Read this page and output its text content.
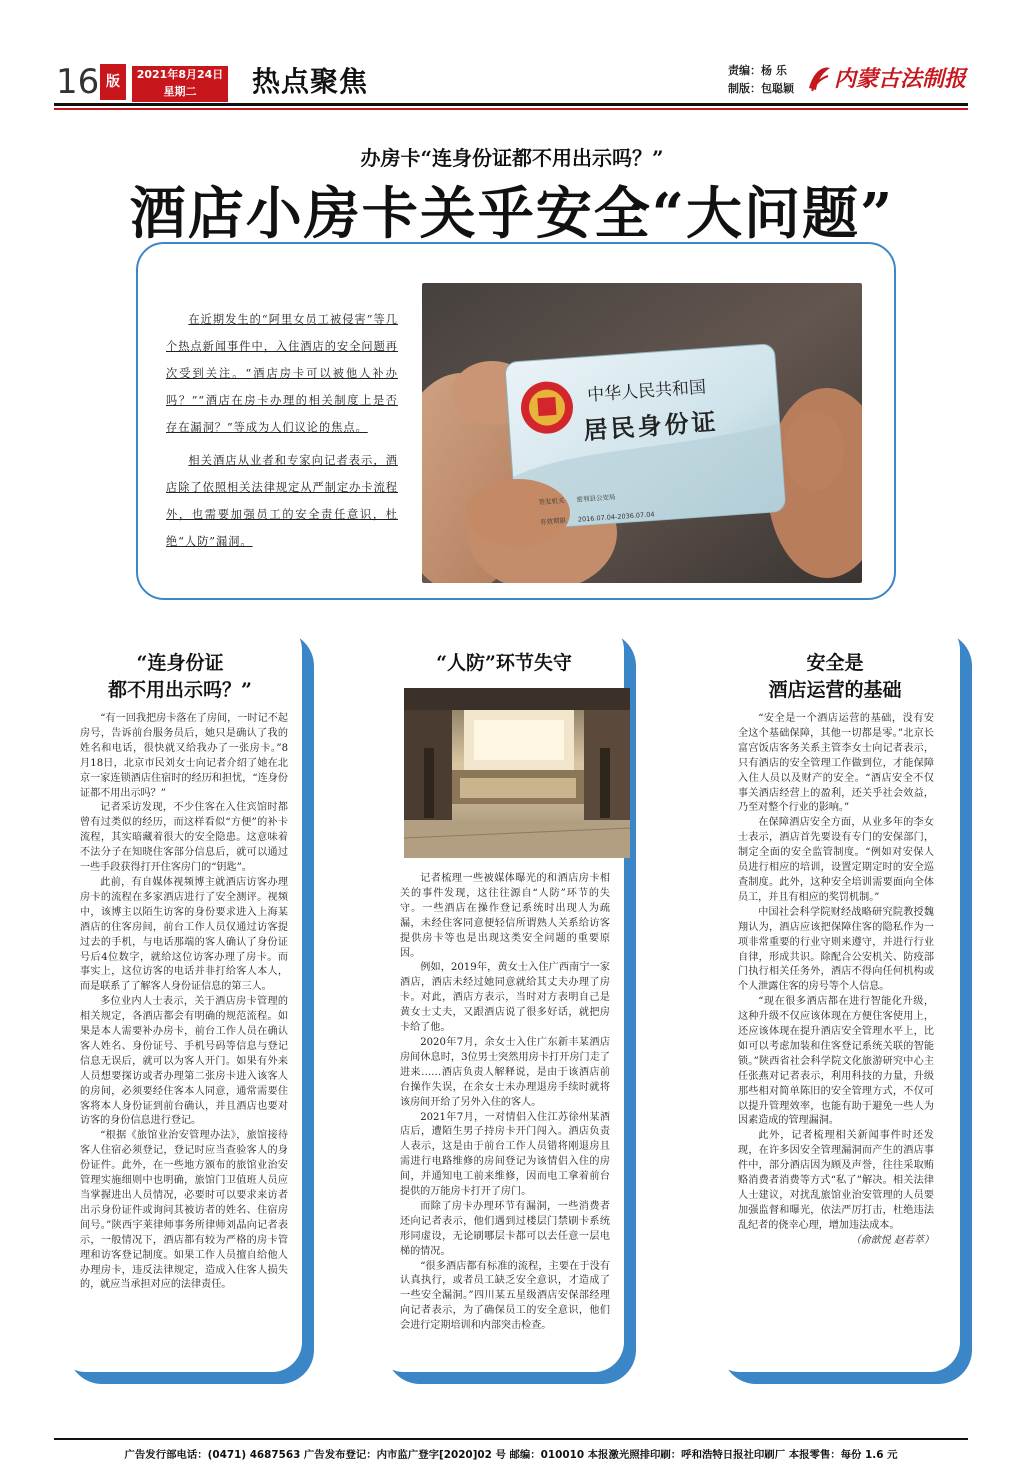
16 版	2021年8月24日
星期二	热点聚焦	责编：杨 乐
制版：包聪颖 内蒙古法制报
办房卡“连身份证都不用出示吗？”
酒店小房卡关乎安全“大问题”

在近期发生的“阿里女员工被侵害”等几个热点新闻事件中，入住酒店的安全问题再次受到关注。“酒店房卡可以被他人补办吗？”“酒店在房卡办理的相关制度上是否存在漏洞？”等成为人们议论的焦点。

相关酒店从业者和专家向记者表示，酒店除了依照相关法律规定从严制定办卡流程外，也需要加强员工的安全责任意识，杜绝“人防”漏洞。

中华人民共和国
居民身份证
签发机关 密利县公安局
有效期限 2016.07.04-2036.07.04
“连身份证
都不用出示吗？”

“有一回我把房卡落在了房间，一时记不起房号，告诉前台服务员后，她只是确认了我的姓名和电话，很快就又给我办了一张房卡。”8月18日，北京市民刘女士向记者介绍了她在北京一家连锁酒店住宿时的经历和担忧，“连身份证都不用出示吗？”

记者采访发现，不少住客在入住宾馆时都曾有过类似的经历，而这样看似“方便”的补卡流程，其实暗藏着很大的安全隐患。这意味着不法分子在知晓住客部分信息后，就可以通过一些手段获得打开住客房门的“钥匙”。

此前，有自媒体视频博主就酒店访客办理房卡的流程在多家酒店进行了安全测评。视频中，该博主以陌生访客的身份要求进入上海某酒店的住客房间，前台工作人员仅通过访客提过去的手机，与电话那端的客人确认了身份证号后4位数字，就给这位访客办理了房卡。而事实上，这位访客的电话并非打给客人本人，而是联系了了解客人身份证信息的第三人。

多位业内人士表示，关于酒店房卡管理的相关规定，各酒店都会有明确的规范流程。如果是本人需要补办房卡，前台工作人员在确认客人姓名、身份证号、手机号码等信息与登记信息无误后，就可以为客人开门。如果有外来人员想要探访或者办理第二张房卡进入该客人的房间，必须要经住客本人同意，通常需要住客将本人身份证到前台确认，并且酒店也要对访客的身份信息进行登记。

“根据《旅馆业治安管理办法》，旅馆接待客人住宿必须登记，登记时应当查验客人的身份证件。此外，在一些地方颁布的旅馆业治安管理实施细则中也明确，旅馆门卫值班人员应当掌握进出人员情况，必要时可以要求来访者出示身份证件或询问其被访者的姓名、住宿房间号。”陕西宇莱律师事务所律师刘晶向记者表示，一般情况下，酒店都有较为严格的房卡管理和访客登记制度。如果工作人员擅自给他人办理房卡，违反法律规定，造成入住客人损失的，就应当承担对应的法律责任。

“人防”环节失守

记者梳理一些被媒体曝光的和酒店房卡相关的事件发现，这往往源自“人防”环节的失守。一些酒店在操作登记系统时出现人为疏漏，未经住客同意便轻信所谓熟人关系给访客提供房卡等也是出现这类安全问题的重要原因。

例如，2019年，黄女士入住广西南宁一家酒店，酒店未经过她同意就给其丈夫办理了房卡。对此，酒店方表示，当时对方表明自己是黄女士丈夫，又跟酒店说了很多好话，就把房卡给了他。

2020年7月，余女士入住广东新丰某酒店房间休息时，3位男士突然用房卡打开房门走了进来……酒店负责人解释说，是由于该酒店前台操作失误，在余女士未办理退房手续时就将该房间开给了另外入住的客人。

2021年7月，一对情侣入住江苏徐州某酒店后，遭陌生男子持房卡开门闯入。酒店负责人表示，这是由于前台工作人员错将刚退房且需进行电路维修的房间登记为该情侣入住的房间，并通知电工前来维修，因而电工拿着前台提供的万能房卡打开了房门。

而除了房卡办理环节有漏洞，一些消费者还向记者表示，他们遇到过楼层门禁刷卡系统形同虚设，无论刷哪层卡都可以去任意一层电梯的情况。

“很多酒店都有标准的流程，主要在于没有认真执行，或者员工缺乏安全意识，才造成了一些安全漏洞。”四川某五星级酒店安保部经理向记者表示，为了确保员工的安全意识，他们会进行定期培训和内部突击检查。

安全是
酒店运营的基础

“安全是一个酒店运营的基础，没有安全这个基础保障，其他一切都是零。”北京长富宫饭店客务关系主管李女士向记者表示，只有酒店的安全管理工作做到位，才能保障入住人员以及财产的安全。“酒店安全不仅事关酒店经营上的盈利，还关乎社会效益，乃至对整个行业的影响。”

在保障酒店安全方面，从业多年的李女士表示，酒店首先要设有专门的安保部门，制定全面的安全监管制度。“例如对安保人员进行相应的培训，设置定期定时的安全巡查制度。此外，这种安全培训需要面向全体员工，并且有相应的奖罚机制。”

中国社会科学院财经战略研究院教授魏翔认为，酒店应该把保障住客的隐私作为一项非常重要的行业守则来遵守，并进行行业自律，形成共识。除配合公安机关、防疫部门执行相关任务外，酒店不得向任何机构或个人泄露住客的房号等个人信息。

“现在很多酒店都在进行智能化升级，这种升级不仅应该体现在方便住客使用上，还应该体现在提升酒店安全管理水平上，比如可以考虑加装和住客登记系统关联的智能锁。”陕西省社会科学院文化旅游研究中心主任张燕对记者表示，利用科技的力量，升级那些相对简单陈旧的安全管理方式，不仅可以提升管理效率，也能有助于避免一些人为因素造成的管理漏洞。

此外，记者梳理相关新闻事件时还发现，在许多因安全管理漏洞而产生的酒店事件中，部分酒店因为顾及声誉，往往采取贿赂消费者消费等方式“私了”解决。相关法律人士建议，对扰乱旅馆业治安管理的人员要加强监督和曝光，依法严厉打击，杜绝违法乱纪者的侥幸心理，增加违法成本。

（俞歆悦 赵若萃）
广告发行部电话：(0471) 4687563 广告发布登记：内市监广登字[2020]02 号 邮编：010010 本报激光照排印刷：呼和浩特日报社印刷厂 本报零售：每份 1.6 元
